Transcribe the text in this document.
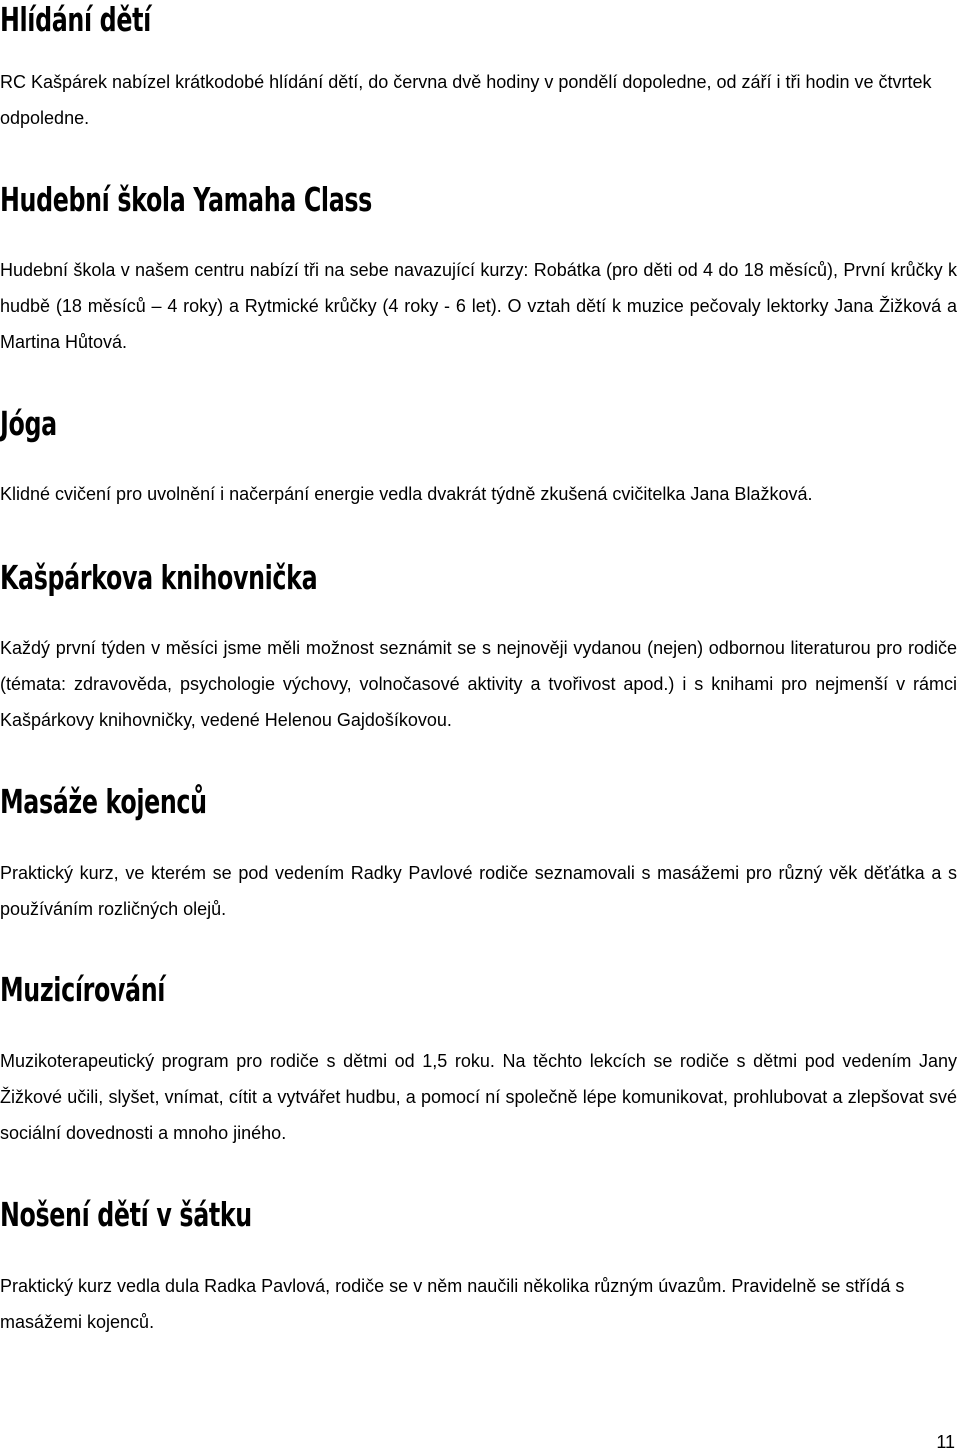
Hlídání dětí

RC Kašpárek nabízel krátkodobé hlídání dětí, do června dvě hodiny v pondělí dopoledne, od září i tři hodin ve čtvrtek odpoledne.

Hudební škola Yamaha Class

Hudební škola v našem centru nabízí tři na sebe navazující kurzy: Robátka (pro děti od 4 do 18 měsíců), První krůčky k hudbě (18 měsíců – 4 roky) a Rytmické krůčky (4 roky - 6 let). O vztah dětí k muzice pečovaly lektorky Jana Žižková a Martina Hůtová.

Jóga

Klidné cvičení pro uvolnění i načerpání energie vedla dvakrát týdně zkušená cvičitelka Jana Blažková.

Kašpárkova knihovnička

Každý první týden v měsíci jsme měli možnost seznámit se s nejnověji vydanou (nejen) odbornou literaturou pro rodiče (témata: zdravověda, psychologie výchovy, volnočasové aktivity a tvořivost apod.) i s knihami pro nejmenší v rámci Kašpárkovy knihovničky, vedené Helenou Gajdošíkovou.

Masáže kojenců

Praktický kurz, ve kterém se pod vedením Radky Pavlové rodiče seznamovali s masážemi pro různý věk děťátka a s používáním rozličných olejů.

Muzicírování

Muzikoterapeutický program pro rodiče s dětmi od 1,5 roku. Na těchto lekcích se rodiče s dětmi pod vedením Jany Žižkové učili, slyšet, vnímat, cítit a vytvářet hudbu, a pomocí ní společně lépe komunikovat, prohlubovat a zlepšovat své sociální dovednosti a mnoho jiného.

Nošení dětí v šátku

Praktický kurz vedla dula Radka Pavlová, rodiče se v něm naučili několika různým úvazům. Pravidelně se střídá s masážemi kojenců.

11
